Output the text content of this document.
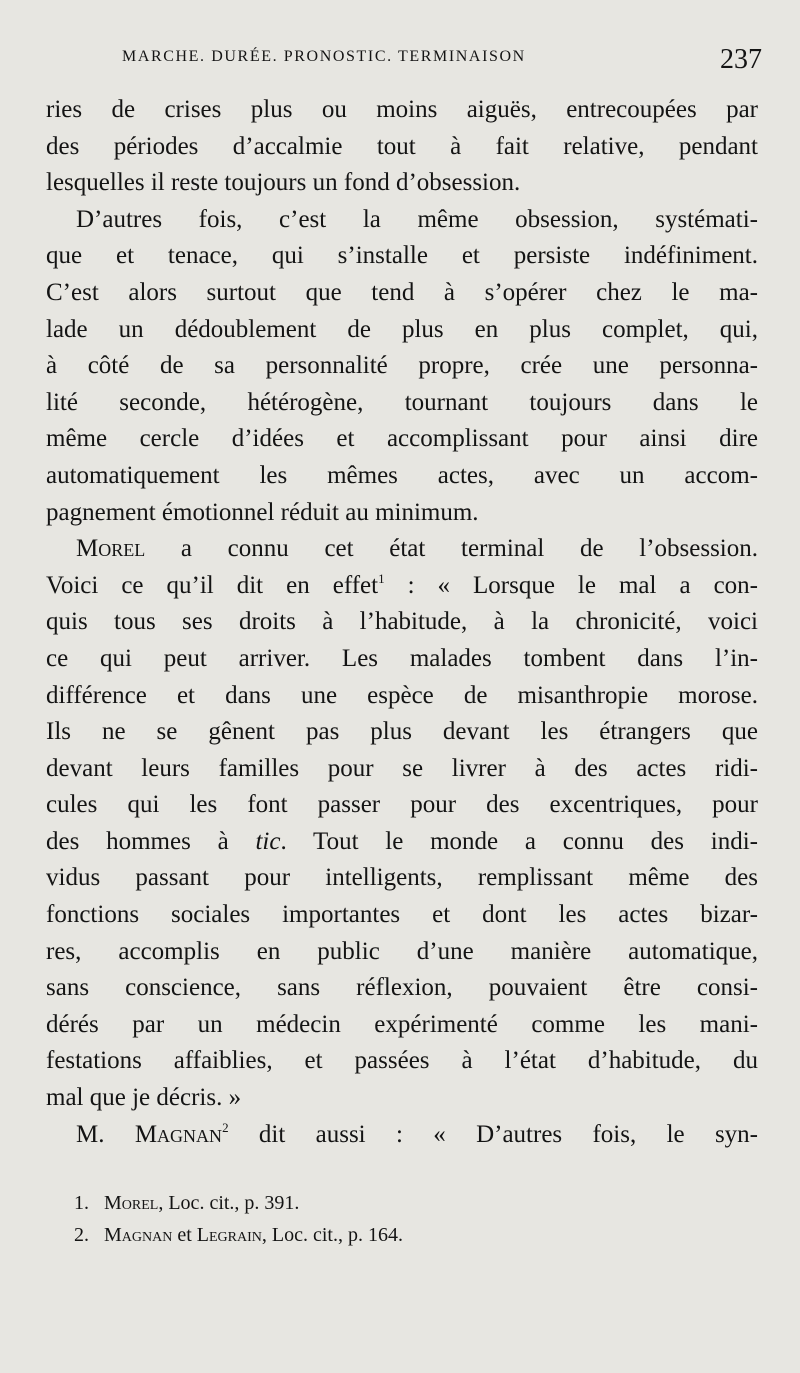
MARCHE. DURÉE. PRONOSTIC. TERMINAISON	237
ries de crises plus ou moins aiguës, entrecoupées par
des périodes d’accalmie tout à fait relative, pendant
lesquelles il reste toujours un fond d’obsession.
D’autres fois, c’est la même obsession, systémati-
que et tenace, qui s’installe et persiste indéfiniment.
C’est alors surtout que tend à s’opérer chez le ma-
lade un dédoublement de plus en plus complet, qui,
à côté de sa personnalité propre, crée une personna-
lité seconde, hétérogène, tournant toujours dans le
même cercle d’idées et accomplissant pour ainsi dire
automatiquement les mêmes actes, avec un accom-
pagnement émotionnel réduit au minimum.
Morel a connu cet état terminal de l’obsession.
Voici ce qu’il dit en effet$^1$ : « Lorsque le mal a con-
quis tous ses droits à l’habitude, à la chronicité, voici
ce qui peut arriver. Les malades tombent dans l’in-
différence et dans une espèce de misanthropie morose.
Ils ne se gênent pas plus devant les étrangers que
devant leurs familles pour se livrer à des actes ridi-
cules qui les font passer pour des excentriques, pour
des hommes à tic. Tout le monde a connu des indi-
vidus passant pour intelligents, remplissant même des
fonctions sociales importantes et dont les actes bizar-
res, accomplis en public d’une manière automatique,
sans conscience, sans réflexion, pouvaient être consi-
dérés par un médecin expérimenté comme les mani-
festations affaiblies, et passées à l’état d’habitude, du
mal que je décris. »
M. Magnan$^2$ dit aussi : « D’autres fois, le syn-
1. Morel, Loc. cit., p. 391.
2. Magnan et Legrain, Loc. cit., p. 164.
